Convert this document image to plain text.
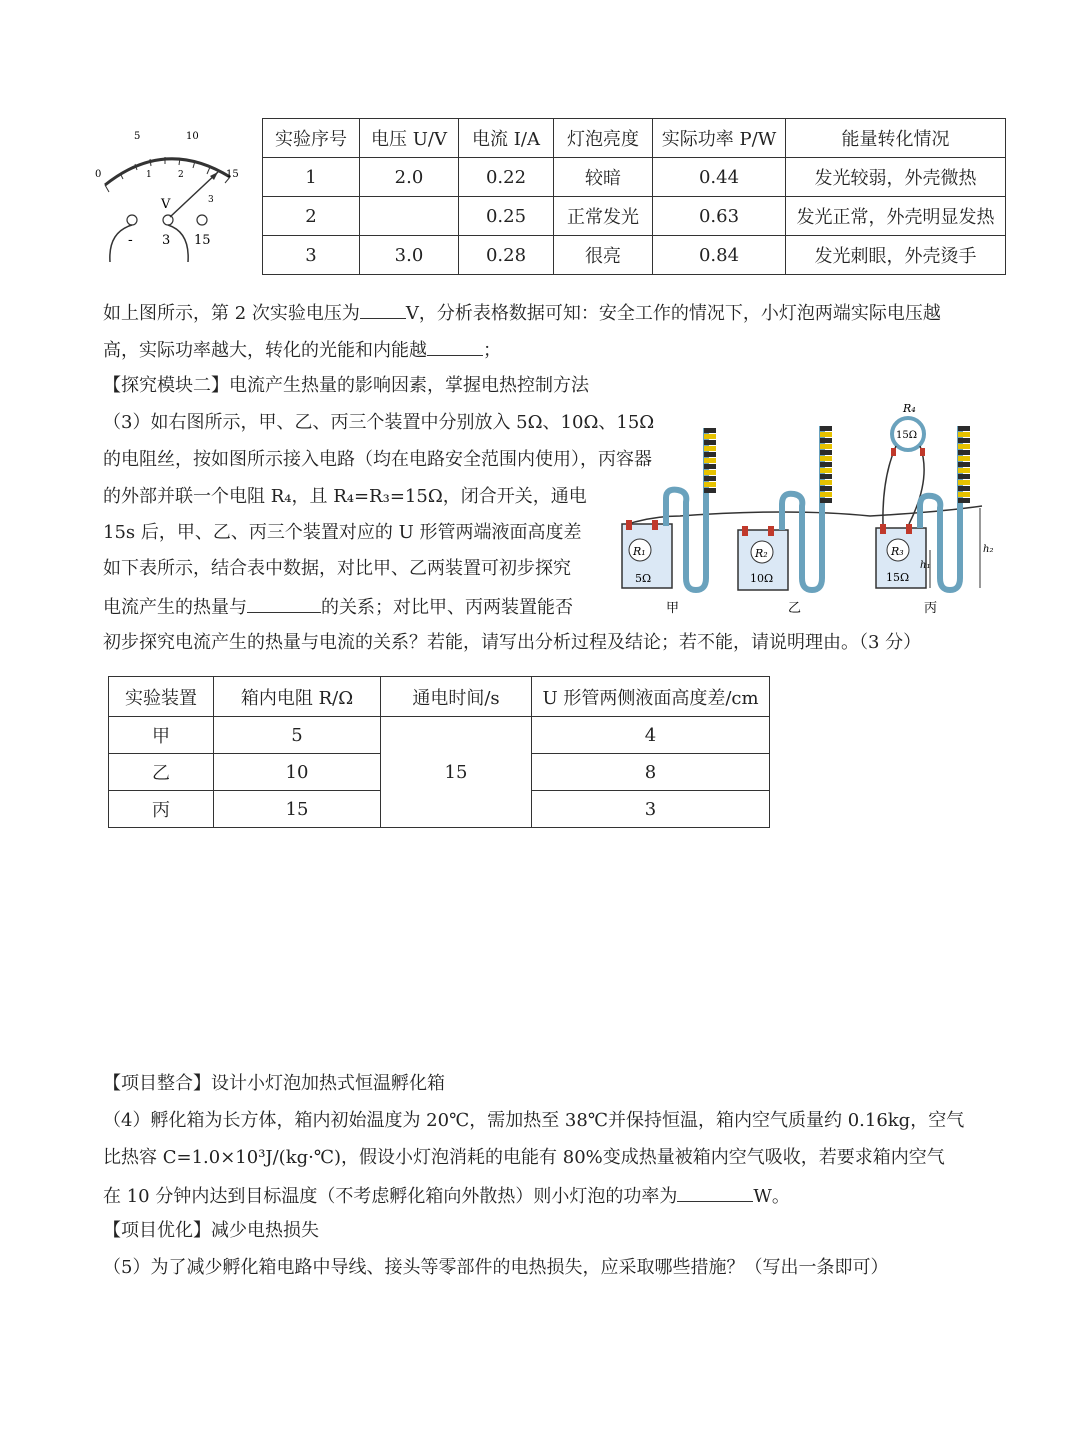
5	10
0	1	2
3
15
V
- 3 15
实验序号	电压 U/V	电流 I/A	灯泡亮度	实际功率 P/W	能量转化情况
1	2.0	0.22	较暗	0.44	发光较弱，外壳微热
2		0.25	正常发光	0.63	发光正常，外壳明显发热
3	3.0	0.28	很亮	0.84	发光刺眼，外壳烫手
如上图所示，第 2 次实验电压为	V，分析表格数据可知：安全工作的情况下，小灯泡两端实际电压越
高，实际功率越大，转化的光能和内能越	；
【探究模块二】电流产生热量的影响因素，掌握电热控制方法
（3）如右图所示，甲、乙、丙三个装置中分别放入 5Ω、10Ω、15Ω
的电阻丝，按如图所示接入电路（均在电路安全范围内使用），丙容器
的外部并联一个电阻 R₄，且 R₄=R₃=15Ω，闭合开关，通电
15s 后，甲、乙、丙三个装置对应的 U 形管两端液面高度差
如下表所示，结合表中数据，对比甲、乙两装置可初步探究
电流产生的热量与	的关系；对比甲、丙两装置能否
初步探究电流产生的热量与电流的关系？若能，请写出分析过程及结论；若不能，请说明理由。（3 分）
R₁
5Ω
甲
R₂
10Ω
乙
R₃
15Ω
15Ω
R₄
h₁
h₂
丙
实验装置	箱内电阻 R/Ω	通电时间/s	U 形管两侧液面高度差/cm
甲	5	15	4
乙	10		8
丙	15		3
【项目整合】设计小灯泡加热式恒温孵化箱
（4）孵化箱为长方体，箱内初始温度为 20℃，需加热至 38℃并保持恒温，箱内空气质量约 0.16kg，空气
比热容 C=1.0×10³J/(kg·℃)，假设小灯泡消耗的电能有 80%变成热量被箱内空气吸收，若要求箱内空气
在 10 分钟内达到目标温度（不考虑孵化箱向外散热）则小灯泡的功率为	W。
【项目优化】减少电热损失
（5）为了减少孵化箱电路中导线、接头等零部件的电热损失，应采取哪些措施？（写出一条即可）
